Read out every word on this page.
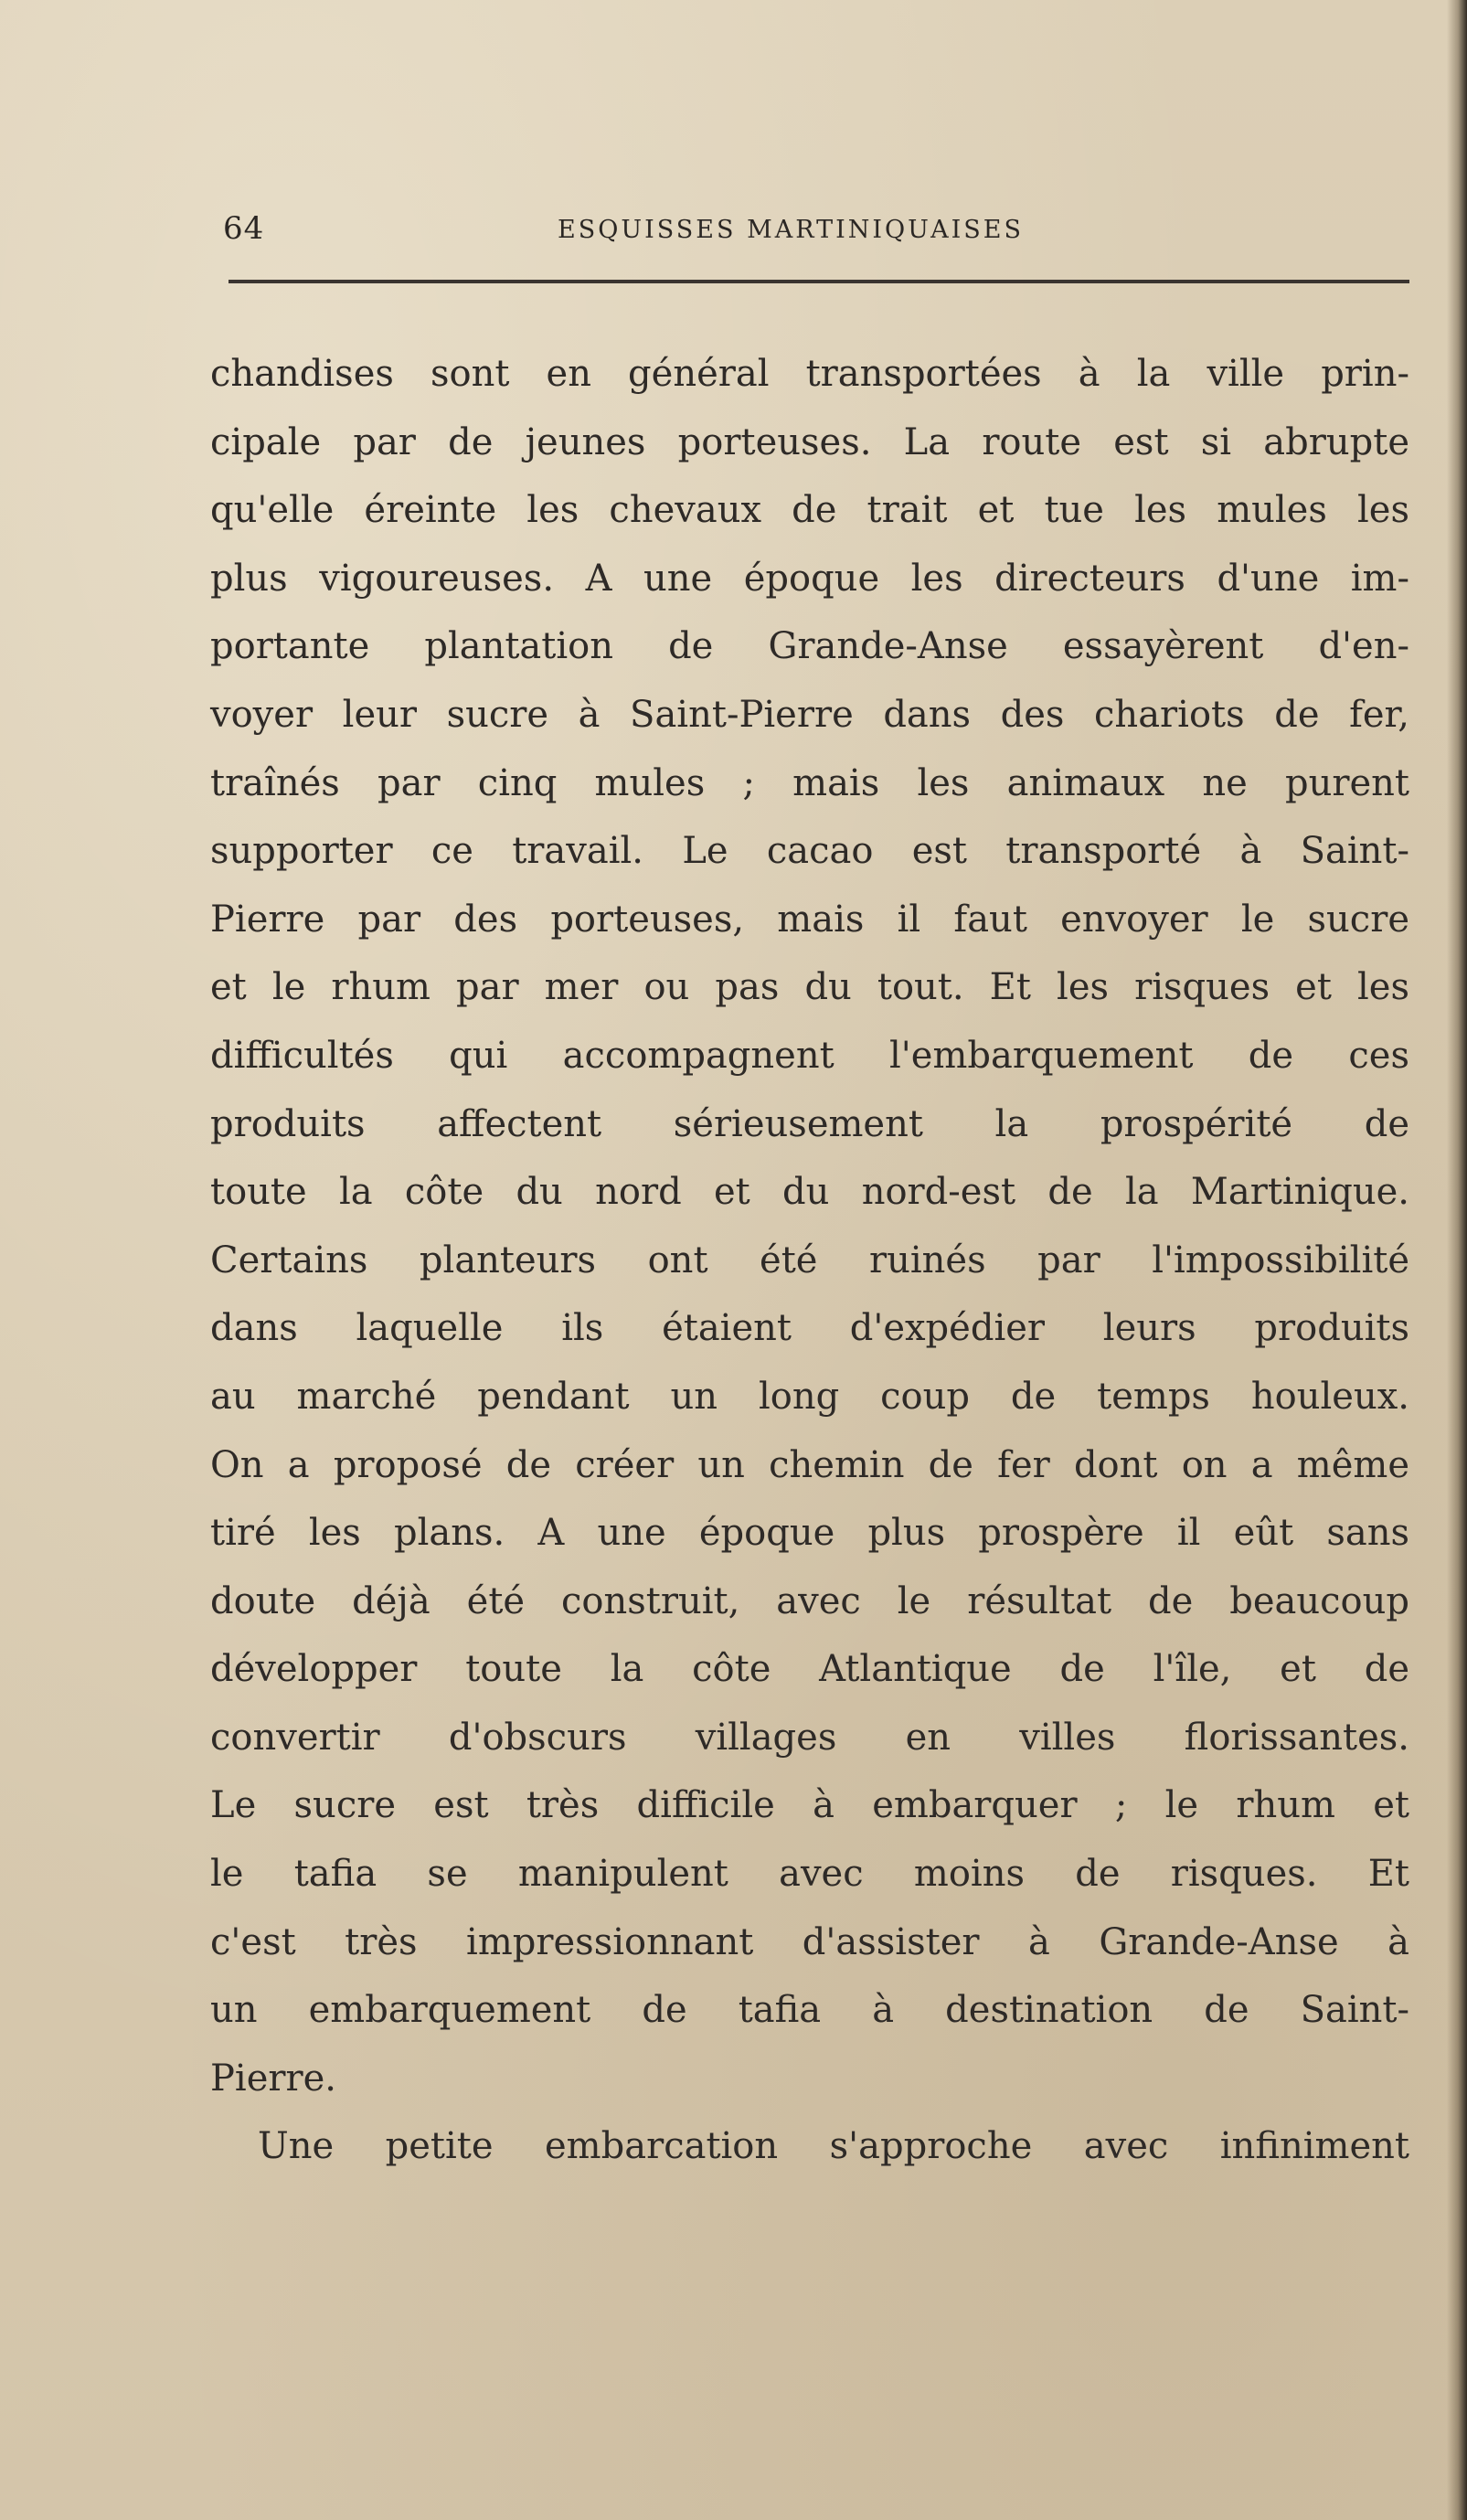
64	ESQUISSES MARTINIQUAISES
chandises sont en général transportées à la ville prin-
cipale par de jeunes porteuses. La route est si abrupte
qu'elle éreinte les chevaux de trait et tue les mules les
plus vigoureuses. A une époque les directeurs d'une im-
portante plantation de Grande-Anse essayèrent d'en-
voyer leur sucre à Saint-Pierre dans des chariots de fer,
traînés par cinq mules ; mais les animaux ne purent
supporter ce travail. Le cacao est transporté à Saint-
Pierre par des porteuses, mais il faut envoyer le sucre
et le rhum par mer ou pas du tout. Et les risques et les
difficultés qui accompagnent l'embarquement de ces
produits affectent sérieusement la prospérité de
toute la côte du nord et du nord-est de la Martinique.
Certains planteurs ont été ruinés par l'impossibilité
dans laquelle ils étaient d'expédier leurs produits
au marché pendant un long coup de temps houleux.
On a proposé de créer un chemin de fer dont on a même
tiré les plans. A une époque plus prospère il eût sans
doute déjà été construit, avec le résultat de beaucoup
développer toute la côte Atlantique de l'île, et de
convertir d'obscurs villages en villes florissantes.
Le sucre est très difficile à embarquer ; le rhum et
le tafia se manipulent avec moins de risques. Et
c'est très impressionnant d'assister à Grande-Anse à
un embarquement de tafia à destination de Saint-
Pierre.
Une petite embarcation s'approche avec infiniment
